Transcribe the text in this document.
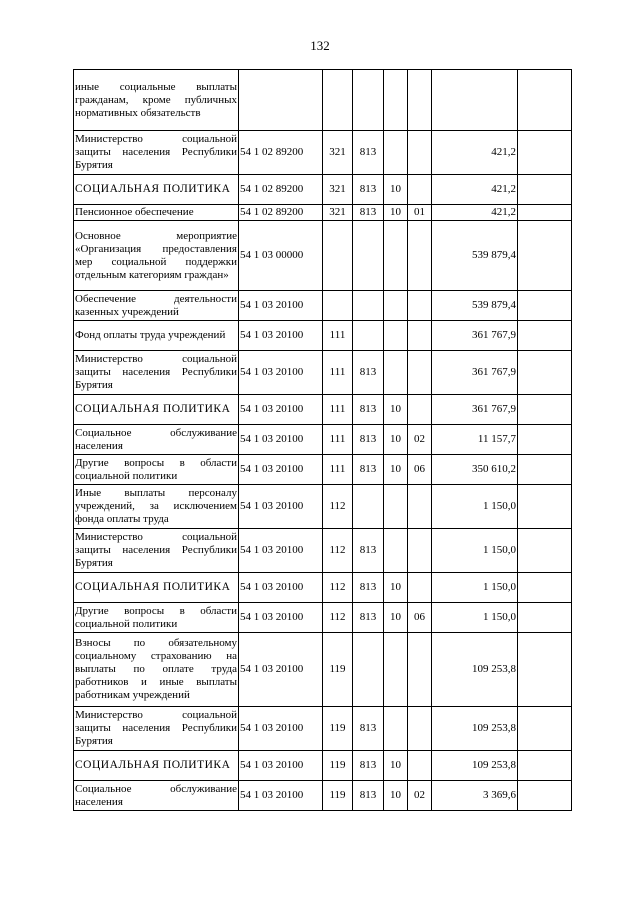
132
иные социальные выплаты гражданам, кроме публичных нормативных обязательств							
Министерство социальной защиты населения Республики Бурятия	54 1 02 89200	321	813			421,2	
СОЦИАЛЬНАЯ ПОЛИТИКА	54 1 02 89200	321	813	10		421,2	
Пенсионное обеспечение	54 1 02 89200	321	813	10	01	421,2	
Основное мероприятие «Организация предоставления мер социальной поддержки отдельным категориям граждан»	54 1 03 00000					539 879,4	
Обеспечение деятельности казенных учреждений	54 1 03 20100					539 879,4	
Фонд оплаты труда учреждений	54 1 03 20100	111				361 767,9	
Министерство социальной защиты населения Республики Бурятия	54 1 03 20100	111	813			361 767,9	
СОЦИАЛЬНАЯ ПОЛИТИКА	54 1 03 20100	111	813	10		361 767,9	
Социальное обслуживание населения	54 1 03 20100	111	813	10	02	11 157,7	
Другие вопросы в области социальной политики	54 1 03 20100	111	813	10	06	350 610,2	
Иные выплаты персоналу учреждений, за исключением фонда оплаты труда	54 1 03 20100	112				1 150,0	
Министерство социальной защиты населения Республики Бурятия	54 1 03 20100	112	813			1 150,0	
СОЦИАЛЬНАЯ ПОЛИТИКА	54 1 03 20100	112	813	10		1 150,0	
Другие вопросы в области социальной политики	54 1 03 20100	112	813	10	06	1 150,0	
Взносы по обязательному социальному страхованию на выплаты по оплате труда работников и иные выплаты работникам учреждений	54 1 03 20100	119				109 253,8	
Министерство социальной защиты населения Республики Бурятия	54 1 03 20100	119	813			109 253,8	
СОЦИАЛЬНАЯ ПОЛИТИКА	54 1 03 20100	119	813	10		109 253,8	
Социальное обслуживание населения	54 1 03 20100	119	813	10	02	3 369,6	
